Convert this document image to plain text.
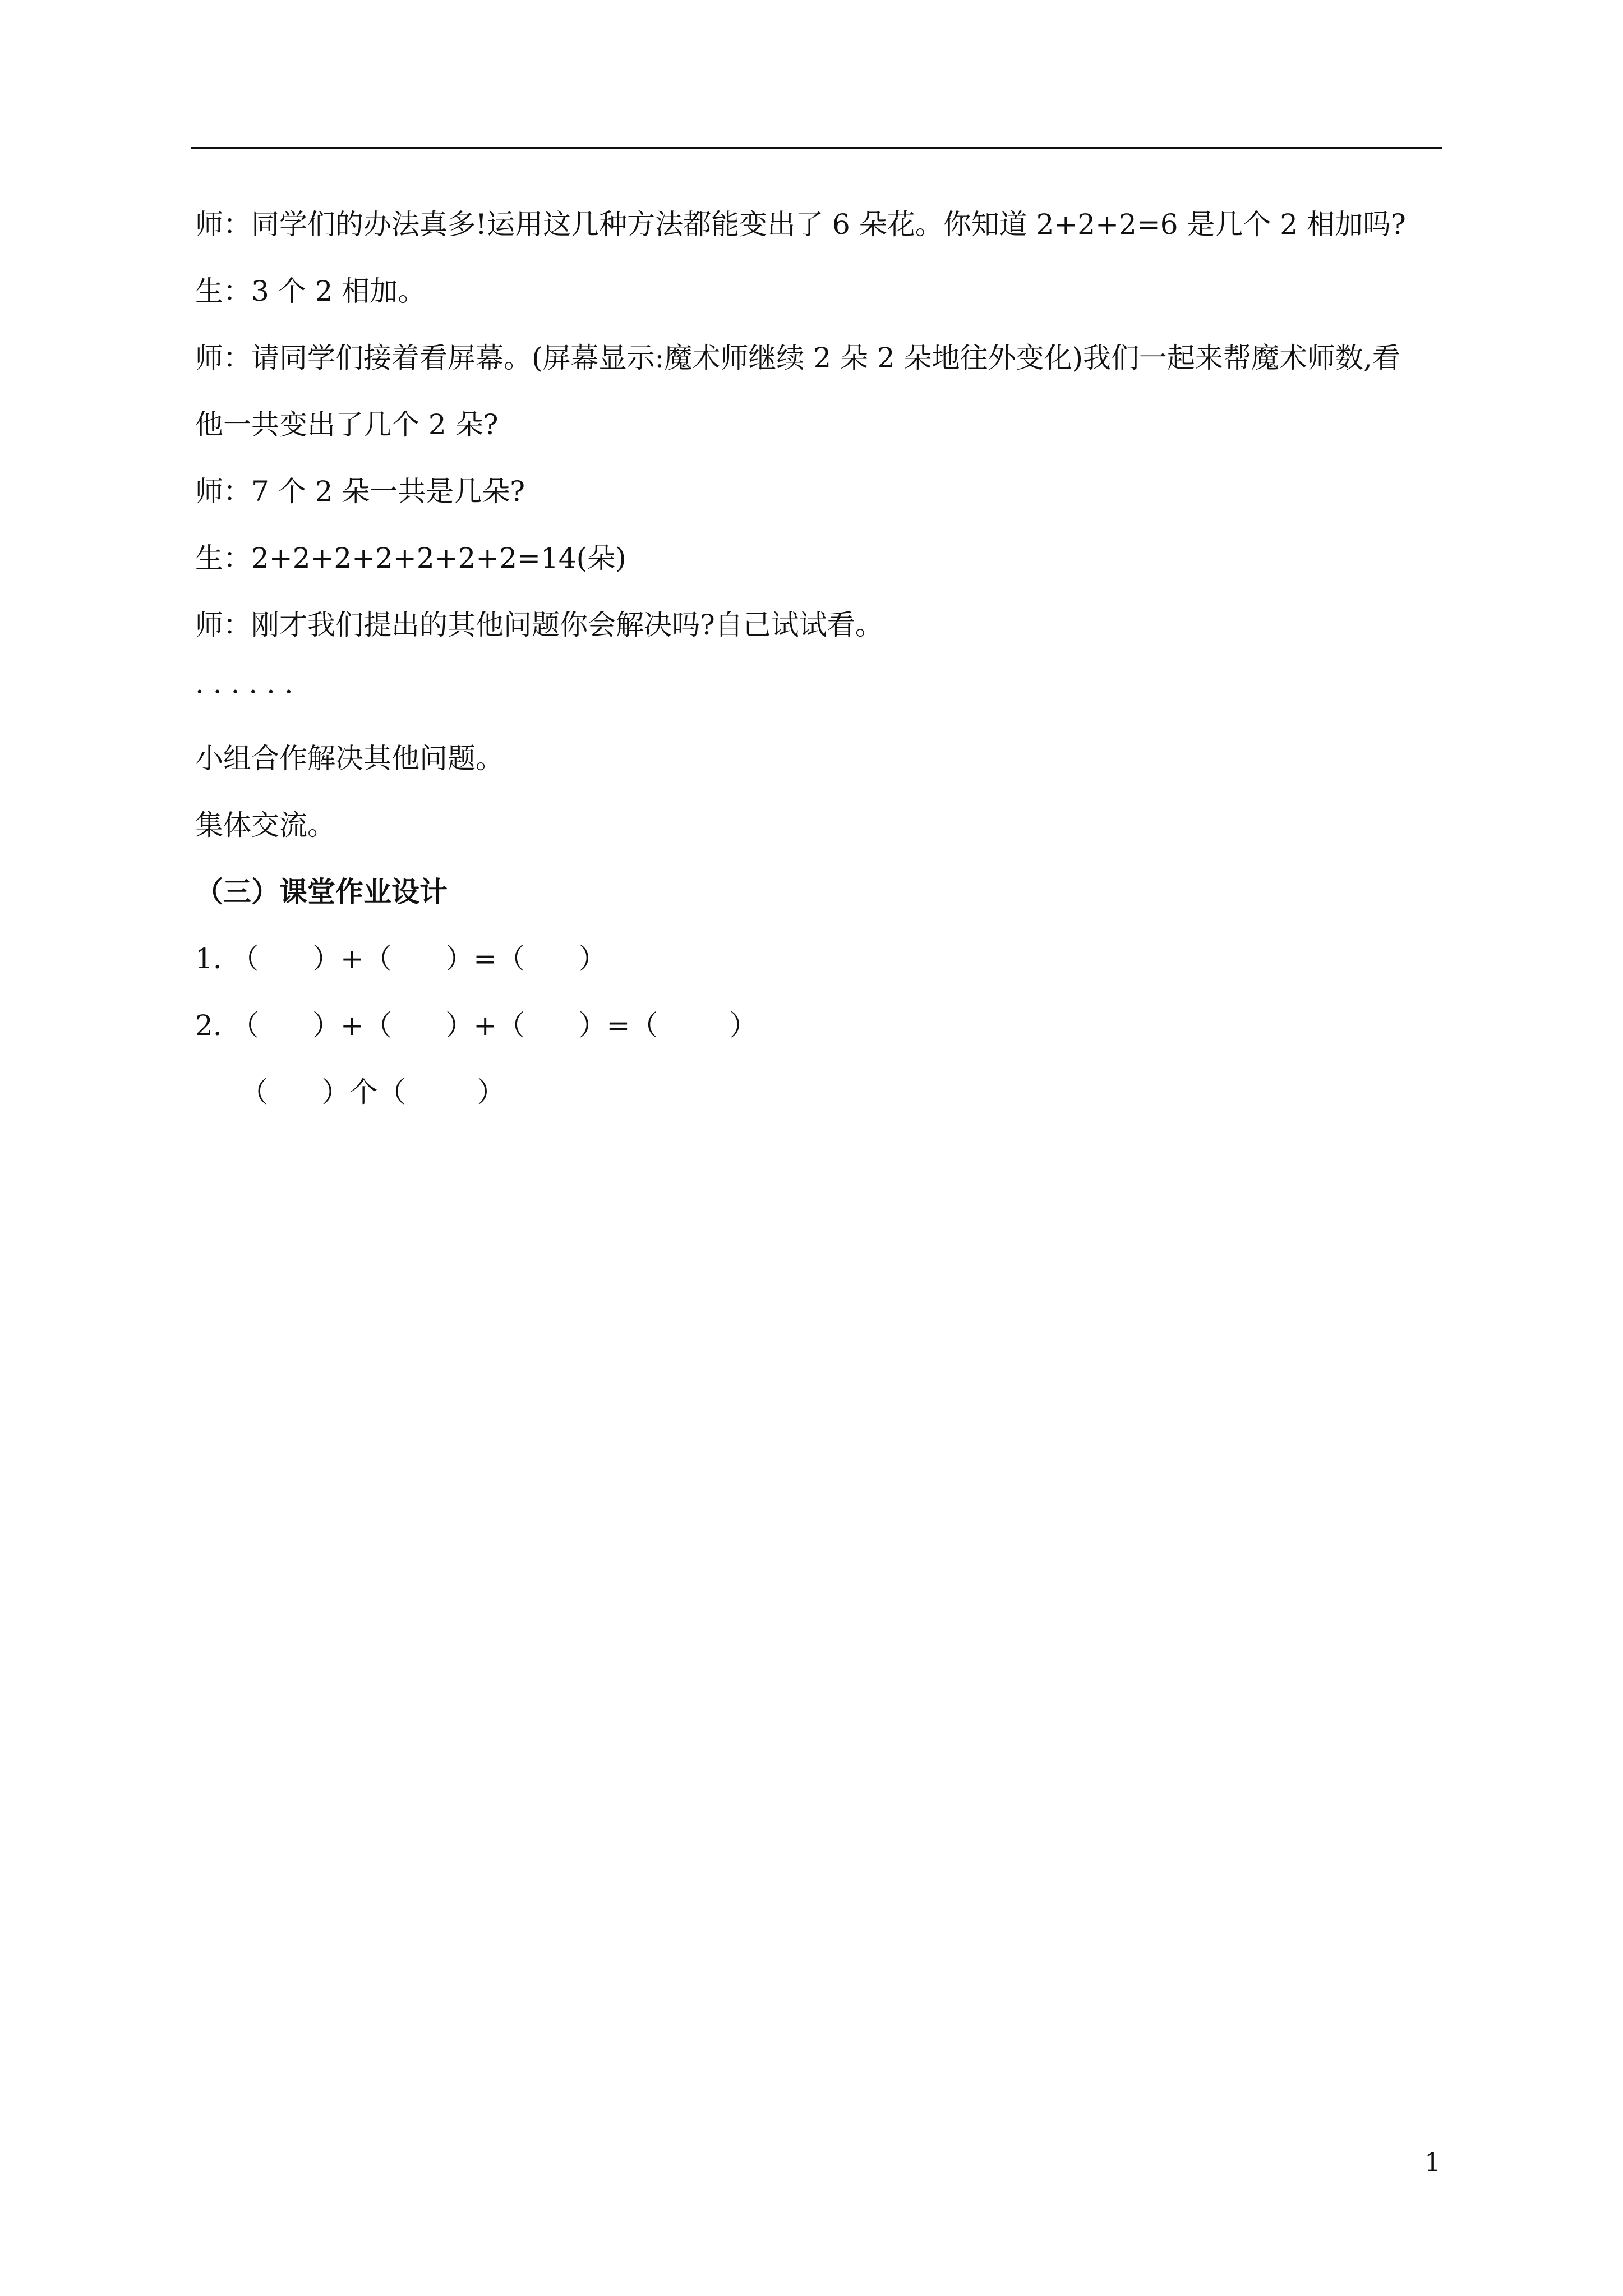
师：同学们的办法真多!运用这几种方法都能变出了 6 朵花。你知道 2+2+2=6 是几个 2 相加吗?
生：3 个 2 相加。
师：请同学们接着看屏幕。(屏幕显示:魔术师继续 2 朵 2 朵地往外变化)我们一起来帮魔术师数,看
他一共变出了几个 2 朵?
师：7 个 2 朵一共是几朵?
生：2+2+2+2+2+2+2=14(朵)
师：刚才我们提出的其他问题你会解决吗?自己试试看。
· · · · · ·
小组合作解决其他问题。
集体交流。
（三）课堂作业设计
1. （      ）+（      ）=（      ）
2. （      ）+（      ）+（      ）=（        ）
（      ）个（        ）
1
